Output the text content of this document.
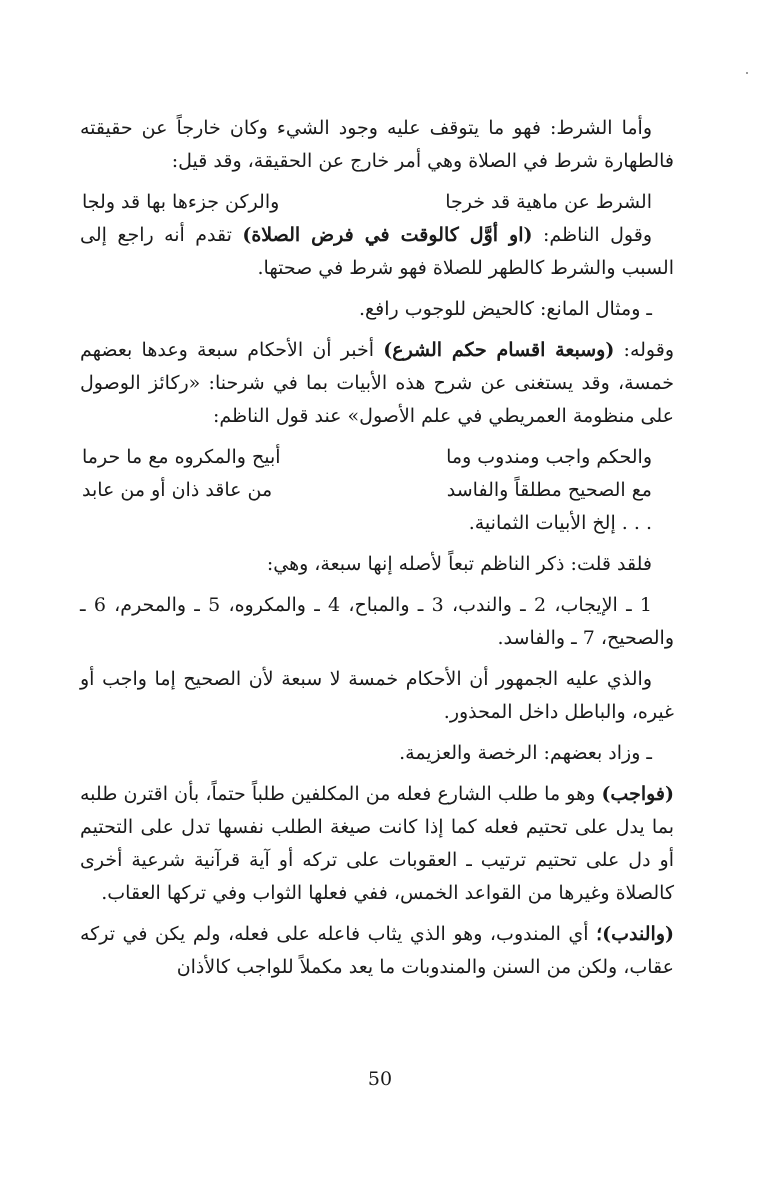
وأما الشرط: فهو ما يتوقف عليه وجود الشيء وكان خارجاً عن حقيقته فالطهارة شرط في الصلاة وهي أمر خارج عن الحقيقة، وقد قيل:

الشرط عن ماهية قد خرجا
والركن جزءها بها قد ولجا

وقول الناظم: (او أوَّل كالوقت في فرض الصلاة) تقدم أنه راجع إلى السبب والشرط كالطهر للصلاة فهو شرط في صحتها.

ـ ومثال المانع: كالحيض للوجوب رافع.

وقوله: (وسبعة اقسام حكم الشرع) أخبر أن الأحكام سبعة وعدها بعضهم خمسة، وقد يستغنى عن شرح هذه الأبيات بما في شرحنا: «ركائز الوصول على منظومة العمريطي في علم الأصول» عند قول الناظم:

والحكم واجب ومندوب وما
أبيح والمكروه مع ما حرما
مع الصحيح مطلقاً والفاسد
من عاقد ذان أو من عابد

. . . إلخ الأبيات الثمانية.

فلقد قلت: ذكر الناظم تبعاً لأصله إنها سبعة، وهي:

1 ـ الإيجاب، 2 ـ والندب، 3 ـ والمباح، 4 ـ والمكروه، 5 ـ والمحرم، 6 ـ والصحيح، 7 ـ والفاسد.

والذي عليه الجمهور أن الأحكام خمسة لا سبعة لأن الصحيح إما واجب أو غيره، والباطل داخل المحذور.

ـ وزاد بعضهم: الرخصة والعزيمة.

(فواجب) وهو ما طلب الشارع فعله من المكلفين طلباً حتماً، بأن اقترن طلبه بما يدل على تحتيم فعله كما إذا كانت صيغة الطلب نفسها تدل على التحتيم أو دل على تحتيم ترتيب ـ العقوبات على تركه أو آية قرآنية شرعية أخرى كالصلاة وغيرها من القواعد الخمس، ففي فعلها الثواب وفي تركها العقاب.

(والندب)؛ أي المندوب، وهو الذي يثاب فاعله على فعله، ولم يكن في تركه عقاب، ولكن من السنن والمندوبات ما يعد مكملاً للواجب كالأذان

50
